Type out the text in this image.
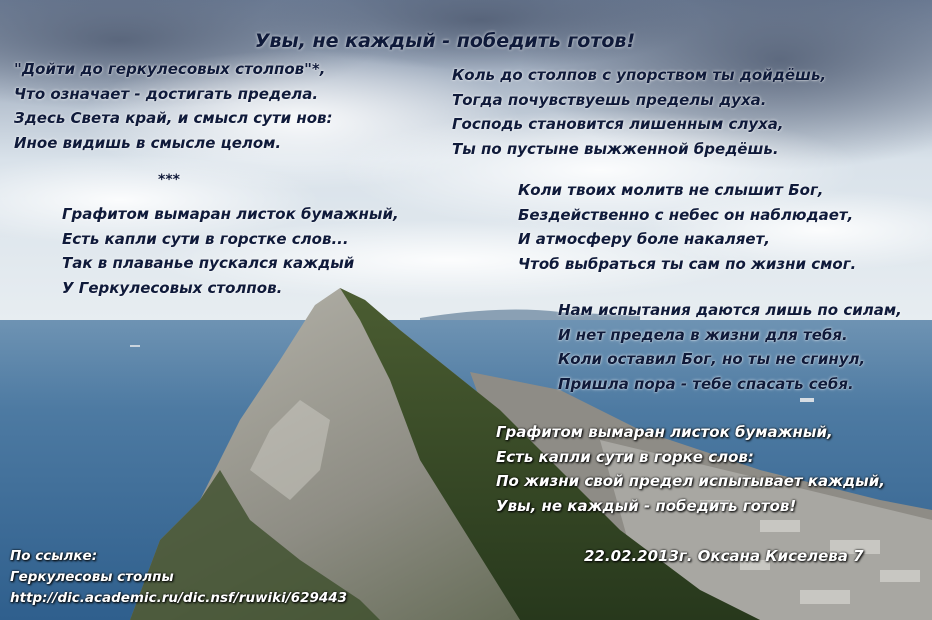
Увы, не каждый - победить готов!
"Дойти до геркулесовых столпов"*,
Что означает - достигать предела.
Здесь Света край, и смысл сути нов:
Иное видишь в смысле целом.
***
Графитом вымаран листок бумажный,
Есть капли сути в горстке слов...
Так в плаванье пускался каждый
У Геркулесовых столпов.
Коль до столпов с упорством ты дойдёшь,
Тогда почувствуешь пределы духа.
Господь становится лишенным слуха,
Ты по пустыне выжженной бредёшь.
Коли твоих молитв не слышит Бог,
Бездейственно с небес он наблюдает,
И атмосферу боле накаляет,
Чтоб выбраться ты сам по жизни смог.
Нам испытания даются лишь по силам,
И нет предела в жизни для тебя.
Коли оставил Бог, но ты не сгинул,
Пришла пора - тебе спасать себя.
Графитом вымаран листок бумажный,
Есть капли сути в горке слов:
По жизни свой предел испытывает каждый,
Увы, не каждый - победить готов!
22.02.2013г. Оксана Киселева 7
По ссылке:
Геркулесовы столпы
http://dic.academic.ru/dic.nsf/ruwiki/629443
